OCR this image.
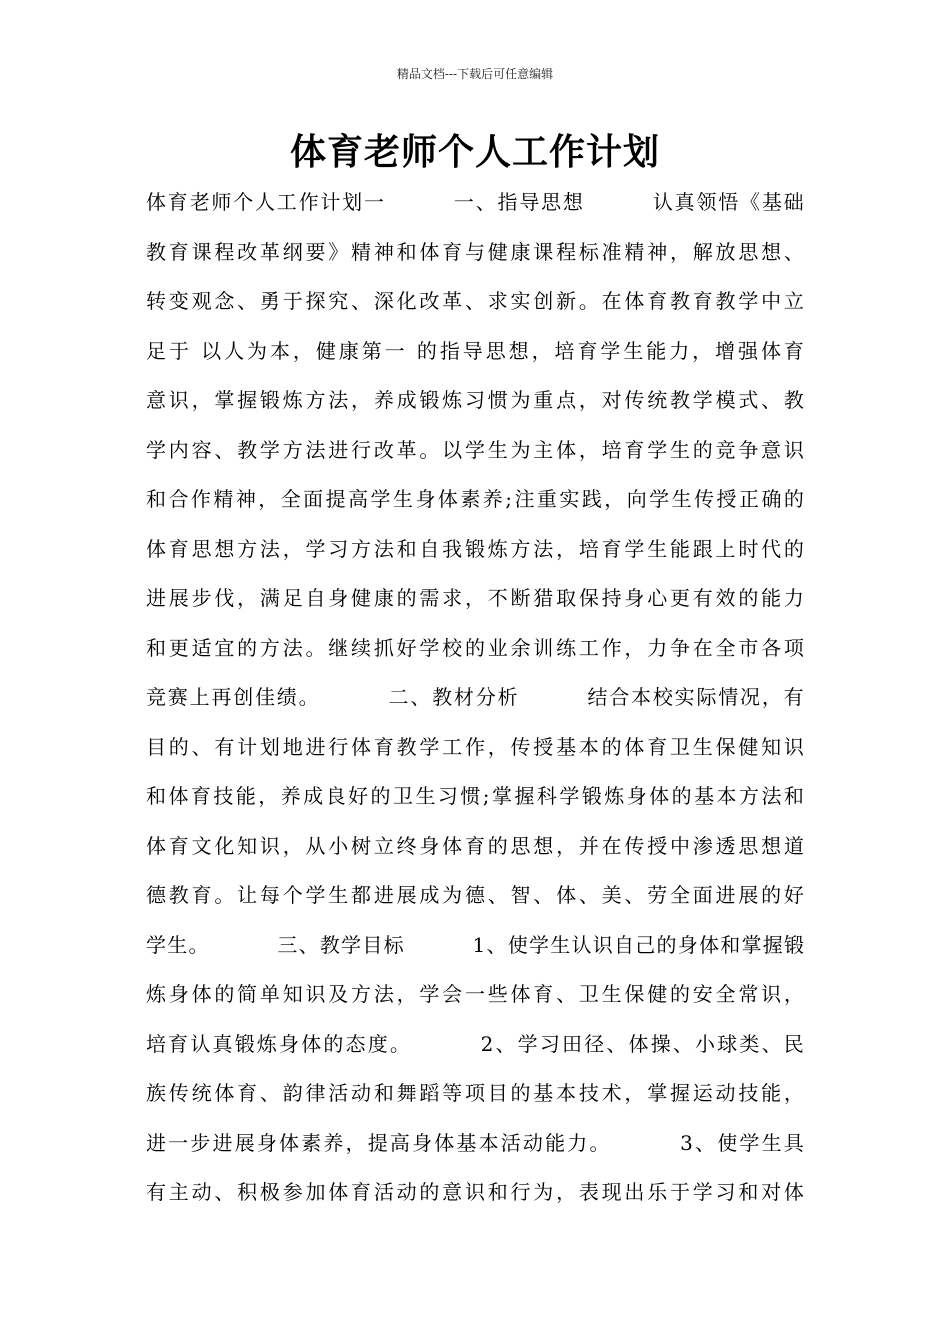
精品文档---下载后可任意编辑
体育老师个人工作计划
体 育 老 师 个 人 工 作 计 划 一
　　 　	一 、 指 导 思 想
　　 　	认 真 领 悟 《 基 础
教 育 课 程 改 革 纲 要 》 精 神 和 体 育 与 健 康 课 程 标 准 精 神 ， 解 放 思 想 、
转 变 观 念 、 勇 于 探 究 、 深 化 改 革 、 求 实 创 新 。 在 体 育 教 育 教 学 中 立
足 于
以 人 为 本 ， 健 康 第 一
的 指 导 思 想 ， 培 育 学 生 能 力 ， 增 强 体 育
意 识 ， 掌 握 锻 炼 方 法 ， 养 成 锻 炼 习 惯 为 重 点 ， 对 传 统 教 学 模 式 、 教
学 内 容 、 教 学 方 法 进 行 改 革 。 以 学 生 为 主 体 ， 培 育 学 生 的 竞 争 意 识
和 合 作 精 神 ， 全 面 提 高 学 生 身 体 素 养 ; 注 重 实 践 ， 向 学 生 传 授 正 确 的
体 育 思 想 方 法 ， 学 习 方 法 和 自 我 锻 炼 方 法 ， 培 育 学 生 能 跟 上 时 代 的
进 展 步 伐 ， 满 足 自 身 健 康 的 需 求 ， 不 断 猎 取 保 持 身 心 更 有 效 的 能 力
和 更 适 宜 的 方 法 。 继 续 抓 好 学 校 的 业 余 训 练 工 作 ， 力 争 在 全 市 各 项
竞 赛 上 再 创 佳 绩 。
　　 　	二 、 教 材 分 析
　　 　	结 合 本 校 实 际 情 况 ， 有
目 的 、 有 计 划 地 进 行 体 育 教 学 工 作 ， 传 授 基 本 的 体 育 卫 生 保 健 知 识
和 体 育 技 能 ， 养 成 良 好 的 卫 生 习 惯 ; 掌 握 科 学 锻 炼 身 体 的 基 本 方 法 和
体 育 文 化 知 识 ， 从 小 树 立 终 身 体 育 的 思 想 ， 并 在 传 授 中 渗 透 思 想 道
德 教 育 。 让 每 个 学 生 都 进 展 成 为 德 、 智 、 体 、 美 、 劳 全 面 进 展 的 好
学 生 。
　　 　	三 、 教 学 目 标
　　 　	1 、 使 学 生 认 识 自 己 的 身 体 和 掌 握 锻
炼 身 体 的 简 单 知 识 及 方 法 ， 学 会 一 些 体 育 、 卫 生 保 健 的 安 全 常 识 ，
培 育 认 真 锻 炼 身 体 的 态 度 。
　　 　	2 、 学 习 田 径 、 体 操 、 小 球 类 、 民
族 传 统 体 育 、 韵 律 活 动 和 舞 蹈 等 项 目 的 基 本 技 术 ， 掌 握 运 动 技 能 ，
进 一 步 进 展 身 体 素 养 ， 提 高 身 体 基 本 活 动 能 力 。
　　 　	3 、 使 学 生 具
有 主 动 、 积 极 参 加 体 育 活 动 的 意 识 和 行 为 ， 表 现 出 乐 于 学 习 和 对 体
